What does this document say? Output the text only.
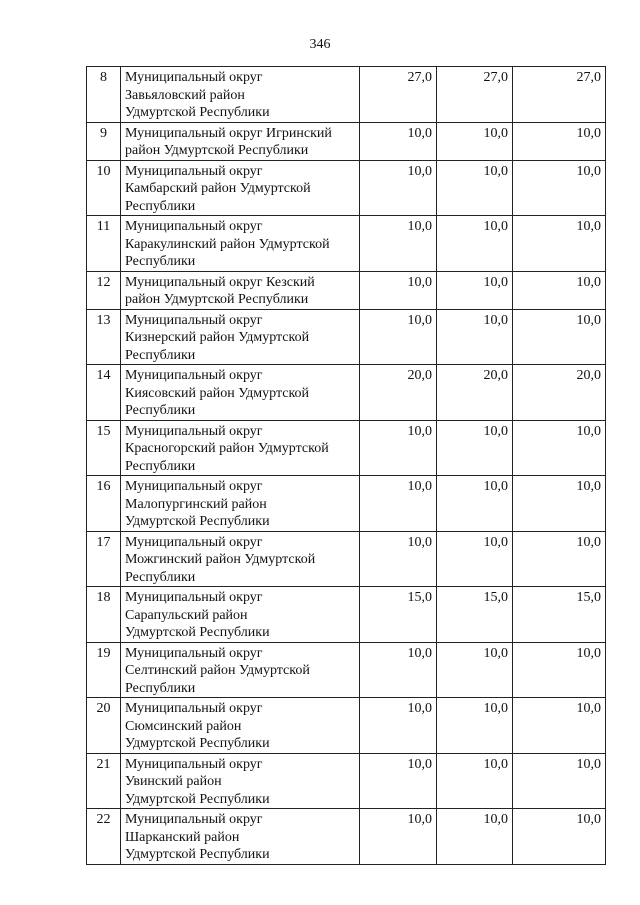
346
8	Муниципальный округ
Завьяловский район
Удмуртской Республики	27,0	27,0	27,0
9	Муниципальный округ Игринский
район Удмуртской Республики	10,0	10,0	10,0
10	Муниципальный округ
Камбарский район Удмуртской
Республики	10,0	10,0	10,0
11	Муниципальный округ
Каракулинский район Удмуртской
Республики	10,0	10,0	10,0
12	Муниципальный округ Кезский
район Удмуртской Республики	10,0	10,0	10,0
13	Муниципальный округ
Кизнерский район Удмуртской
Республики	10,0	10,0	10,0
14	Муниципальный округ
Киясовский район Удмуртской
Республики	20,0	20,0	20,0
15	Муниципальный округ
Красногорский район Удмуртской
Республики	10,0	10,0	10,0
16	Муниципальный округ
Малопургинский район
Удмуртской Республики	10,0	10,0	10,0
17	Муниципальный округ
Можгинский район Удмуртской
Республики	10,0	10,0	10,0
18	Муниципальный округ
Сарапульский район
Удмуртской Республики	15,0	15,0	15,0
19	Муниципальный округ
Селтинский район Удмуртской
Республики	10,0	10,0	10,0
20	Муниципальный округ
Сюмсинский район
Удмуртской Республики	10,0	10,0	10,0
21	Муниципальный округ
Увинский район
Удмуртской Республики	10,0	10,0	10,0
22	Муниципальный округ
Шарканский район
Удмуртской Республики	10,0	10,0	10,0
